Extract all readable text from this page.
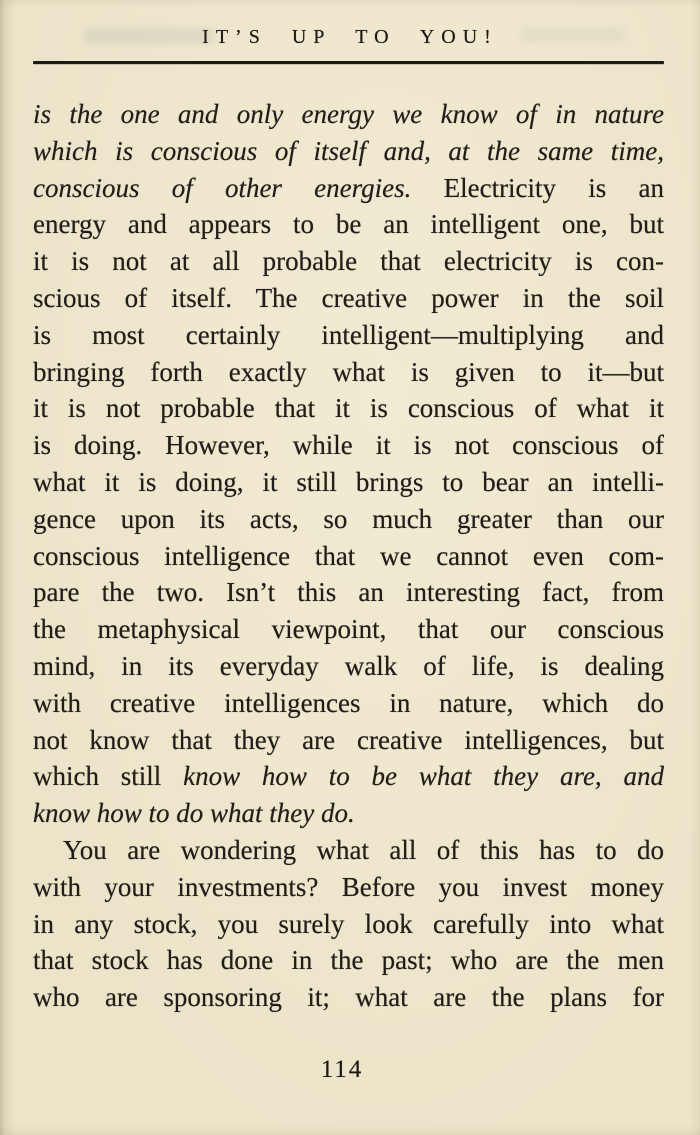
IT’S UP TO YOU!
is the one and only energy we know of in nature
which is conscious of itself and, at the same time,
conscious of other energies. Electricity is an
energy and appears to be an intelligent one, but
it is not at all probable that electricity is con-
scious of itself. The creative power in the soil
is most certainly intelligent—multiplying and
bringing forth exactly what is given to it—but
it is not probable that it is conscious of what it
is doing. However, while it is not conscious of
what it is doing, it still brings to bear an intelli-
gence upon its acts, so much greater than our
conscious intelligence that we cannot even com-
pare the two. Isn’t this an interesting fact, from
the metaphysical viewpoint, that our conscious
mind, in its everyday walk of life, is dealing
with creative intelligences in nature, which do
not know that they are creative intelligences, but
which still know how to be what they are, and
know how to do what they do.
You are wondering what all of this has to do
with your investments? Before you invest money
in any stock, you surely look carefully into what
that stock has done in the past; who are the men
who are sponsoring it; what are the plans for
114
